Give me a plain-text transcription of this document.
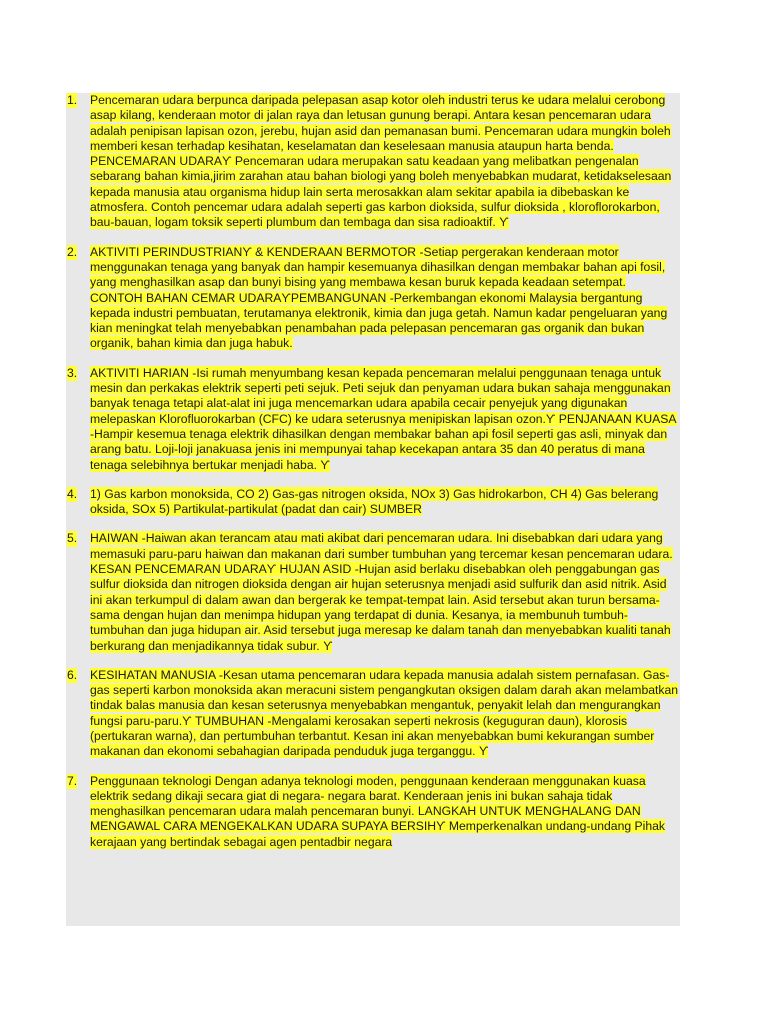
1. Pencemaran udara berpunca daripada pelepasan asap kotor oleh industri terus ke udara melalui cerobong asap kilang, kenderaan motor di jalan raya dan letusan gunung berapi. Antara kesan pencemaran udara adalah penipisan lapisan ozon, jerebu, hujan asid dan pemanasan bumi. Pencemaran udara mungkin boleh memberi kesan terhadap kesihatan, keselamatan dan keselesaan manusia ataupun harta benda. PENCEMARAN UDARAϒ Pencemaran udara merupakan satu keadaan yang melibatkan pengenalan sebarang bahan kimia,jirim zarahan atau bahan biologi yang boleh menyebabkan mudarat, ketidakselesaan kepada manusia atau organisma hidup lain serta merosakkan alam sekitar apabila ia dibebaskan ke atmosfera. Contoh pencemar udara adalah seperti gas karbon dioksida, sulfur dioksida , kloroflorokarbon, bau-bauan, logam toksik seperti plumbum dan tembaga dan sisa radioaktif. ϒ
2. AKTIVITI PERINDUSTRIANϒ & KENDERAAN BERMOTOR -Setiap pergerakan kenderaan motor menggunakan tenaga yang banyak dan hampir kesemuanya dihasilkan dengan membakar bahan api fosil, yang menghasilkan asap dan bunyi bising yang membawa kesan buruk kepada keadaan setempat. CONTOH BAHAN CEMAR UDARAϒPEMBANGUNAN -Perkembangan ekonomi Malaysia bergantung kepada industri pembuatan, terutamanya elektronik, kimia dan juga getah. Namun kadar pengeluaran yang kian meningkat telah menyebabkan penambahan pada pelepasan pencemaran gas organik dan bukan organik, bahan kimia dan juga habuk.
3. AKTIVITI HARIAN -Isi rumah menyumbang kesan kepada pencemaran melalui penggunaan tenaga untuk mesin dan perkakas elektrik seperti peti sejuk. Peti sejuk dan penyaman udara bukan sahaja menggunakan banyak tenaga tetapi alat-alat ini juga mencemarkan udara apabila cecair penyejuk yang digunakan melepaskan Klorofluorokarban (CFC) ke udara seterusnya menipiskan lapisan ozon.ϒ PENJANAAN KUASA -Hampir kesemua tenaga elektrik dihasilkan dengan membakar bahan api fosil seperti gas asli, minyak dan arang batu. Loji-loji janakuasa jenis ini mempunyai tahap kecekapan antara 35 dan 40 peratus di mana tenaga selebihnya bertukar menjadi haba. ϒ
4. 1) Gas karbon monoksida, CO 2) Gas-gas nitrogen oksida, NOx 3) Gas hidrokarbon, CH 4) Gas belerang oksida, SOx 5) Partikulat-partikulat (padat dan cair) SUMBER
5. HAIWAN -Haiwan akan terancam atau mati akibat dari pencemaran udara. Ini disebabkan dari udara yang memasuki paru-paru haiwan dan makanan dari sumber tumbuhan yang tercemar kesan pencemaran udara. KESAN PENCEMARAN UDARAϒ HUJAN ASID -Hujan asid berlaku disebabkan oleh penggabungan gas sulfur dioksida dan nitrogen dioksida dengan air hujan seterusnya menjadi asid sulfurik dan asid nitrik. Asid ini akan terkumpul di dalam awan dan bergerak ke tempat-tempat lain. Asid tersebut akan turun bersama-sama dengan hujan dan menimpa hidupan yang terdapat di dunia. Kesanya, ia membunuh tumbuh- tumbuhan dan juga hidupan air. Asid tersebut juga meresap ke dalam tanah dan menyebabkan kualiti tanah berkurang dan menjadikannya tidak subur. ϒ
6. KESIHATAN MANUSIA -Kesan utama pencemaran udara kepada manusia adalah sistem pernafasan. Gas-gas seperti karbon monoksida akan meracuni sistem pengangkutan oksigen dalam darah akan melambatkan tindak balas manusia dan kesan seterusnya menyebabkan mengantuk, penyakit lelah dan mengurangkan fungsi paru-paru.ϒ TUMBUHAN -Mengalami kerosakan seperti nekrosis (keguguran daun), klorosis (pertukaran warna), dan pertumbuhan terbantut. Kesan ini akan menyebabkan bumi kekurangan sumber makanan dan ekonomi sebahagian daripada penduduk juga terganggu. ϒ
7. Penggunaan teknologi Dengan adanya teknologi moden, penggunaan kenderaan menggunakan kuasa elektrik sedang dikaji secara giat di negara- negara barat. Kenderaan jenis ini bukan sahaja tidak menghasilkan pencemaran udara malah pencemaran bunyi. LANGKAH UNTUK MENGHALANG DAN MENGAWAL CARA MENGEKALKAN UDARA SUPAYA BERSIHϒ Memperkenalkan undang-undang Pihak kerajaan yang bertindak sebagai agen pentadbir negara
